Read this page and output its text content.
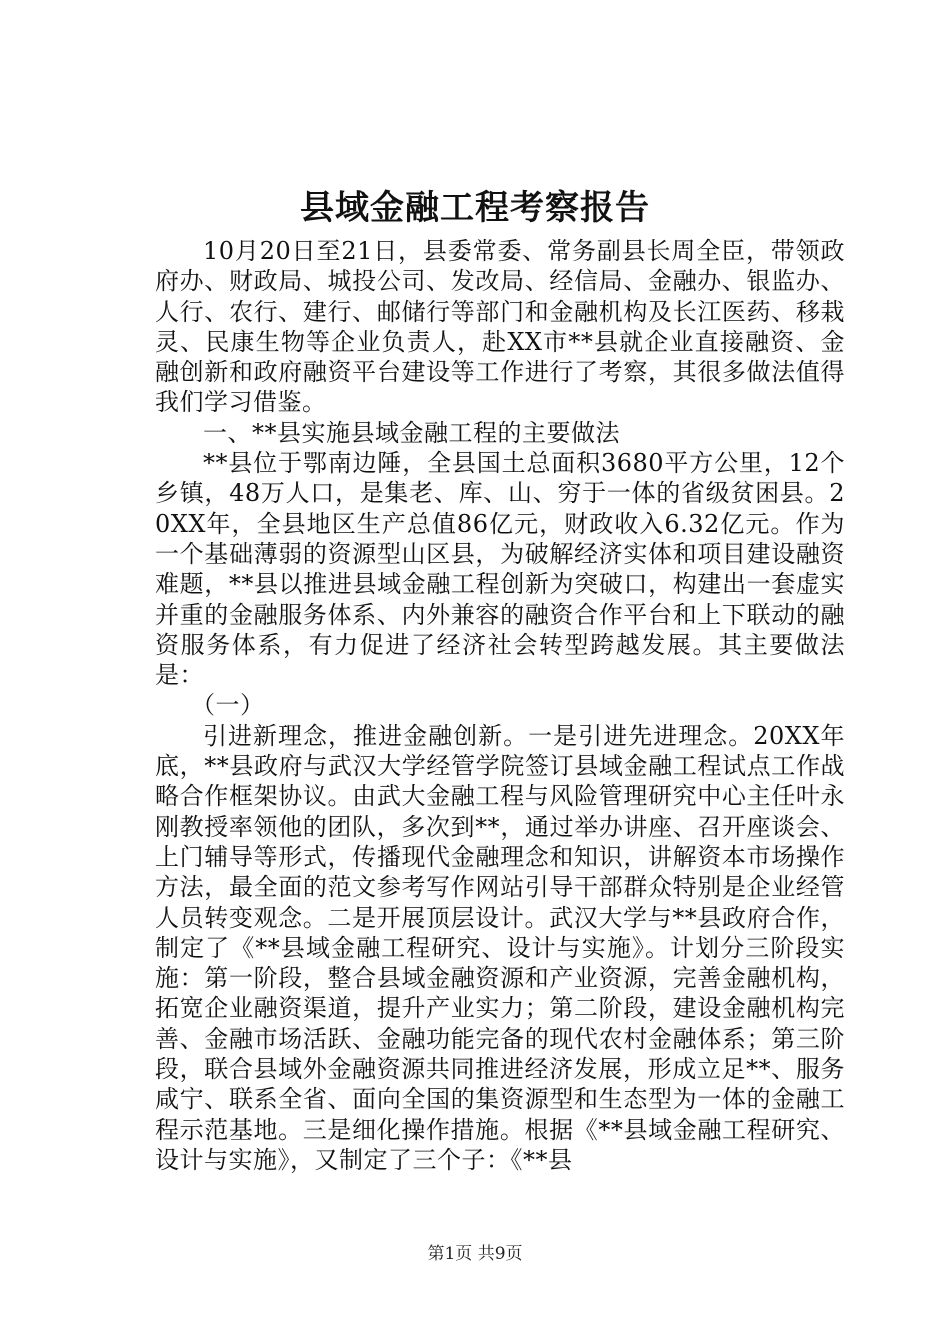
县域金融工程考察报告

10月20日至21日，县委常委、常务副县长周全臣，带领政府办、财政局、城投公司、发改局、经信局、金融办、银监办、人行、农行、建行、邮储行等部门和金融机构及长江医药、移栽灵、民康生物等企业负责人，赴XX市**县就企业直接融资、金融创新和政府融资平台建设等工作进行了考察，其很多做法值得我们学习借鉴。

一、**县实施县域金融工程的主要做法

**县位于鄂南边陲，全县国土总面积3680平方公里，12个乡镇，48万人口，是集老、库、山、穷于一体的省级贫困县。20XX年，全县地区生产总值86亿元，财政收入6.32亿元。作为一个基础薄弱的资源型山区县，为破解经济实体和项目建设融资难题，**县以推进县域金融工程创新为突破口，构建出一套虚实并重的金融服务体系、内外兼容的融资合作平台和上下联动的融资服务体系，有力促进了经济社会转型跨越发展。其主要做法是：

（一）

引进新理念，推进金融创新。一是引进先进理念。20XX年底，**县政府与武汉大学经管学院签订县域金融工程试点工作战略合作框架协议。由武大金融工程与风险管理研究中心主任叶永刚教授率领他的团队，多次到**，通过举办讲座、召开座谈会、上门辅导等形式，传播现代金融理念和知识，讲解资本市场操作方法，最全面的范文参考写作网站引导干部群众特别是企业经管人员转变观念。二是开展顶层设计。武汉大学与**县政府合作，制定了《**县域金融工程研究、设计与实施》。计划分三阶段实施：第一阶段，整合县域金融资源和产业资源，完善金融机构，拓宽企业融资渠道，提升产业实力；第二阶段，建设金融机构完善、金融市场活跃、金融功能完备的现代农村金融体系；第三阶段，联合县域外金融资源共同推进经济发展，形成立足**、服务咸宁、联系全省、面向全国的集资源型和生态型为一体的金融工程示范基地。三是细化操作措施。根据《**县域金融工程研究、设计与实施》，又制定了三个子：《**县

第1页 共9页
